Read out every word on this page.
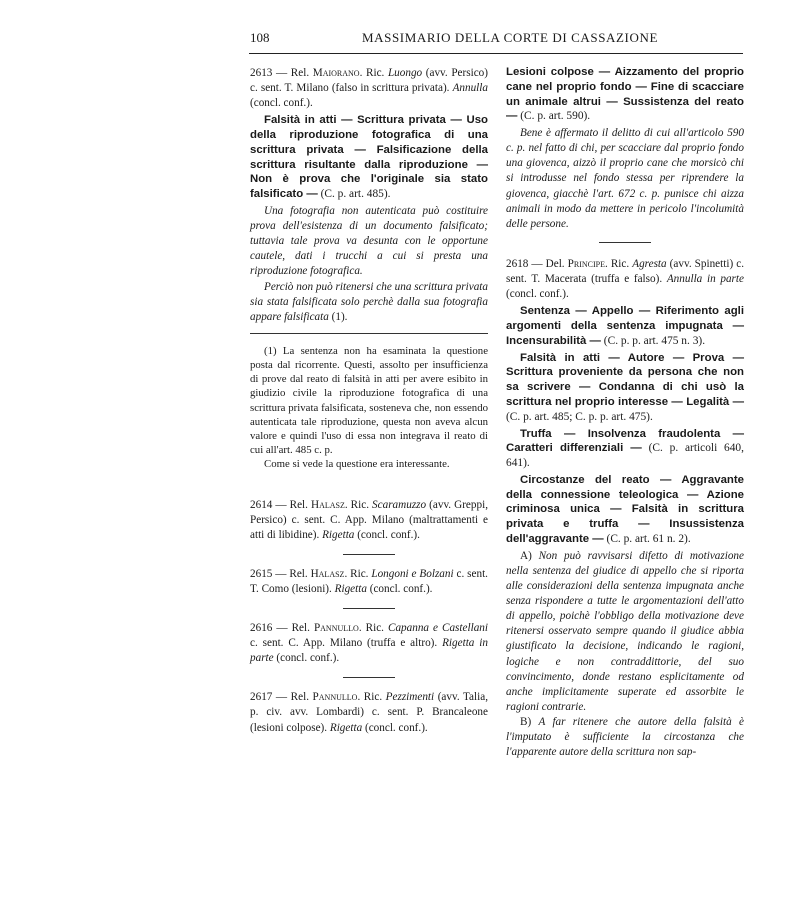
108	MASSIMARIO DELLA CORTE DI CASSAZIONE

2613 — Rel. Maiorano. Ric. Luongo (avv. Persico) c. sent. T. Milano (falso in scrittura privata). Annulla (concl. conf.).

Falsità in atti — Scrittura privata — Uso della riproduzione fotografica di una scrittura privata — Falsificazione della scrittura risultante dalla riproduzione — Non è prova che l'originale sia stato falsificato — (C. p. art. 485).

Una fotografia non autenticata può costituire prova dell'esistenza di un documento falsificato; tuttavia tale prova va desunta con le opportune cautele, dati i trucchi a cui si presta una riproduzione fotografica.

Perciò non può ritenersi che una scrittura privata sia stata falsificata solo perchè dalla sua fotografia appare falsificata (1).

(1) La sentenza non ha esaminata la questione posta dal ricorrente. Questi, assolto per insufficienza di prove dal reato di falsità in atti per avere esibito in giudizio civile la riproduzione fotografica di una scrittura privata falsificata, sosteneva che, non essendo autenticata tale riproduzione, questa non aveva alcun valore e quindi l'uso di essa non integrava il reato di cui all'art. 485 c. p.

Come si vede la questione era interessante.

2614 — Rel. Halasz. Ric. Scaramuzzo (avv. Greppi, Persico) c. sent. C. App. Milano (maltrattamenti e atti di libidine). Rigetta (concl. conf.).

2615 — Rel. Halasz. Ric. Longoni e Bolzani c. sent. T. Como (lesioni). Rigetta (concl. conf.).

2616 — Rel. Pannullo. Ric. Capanna e Castellani c. sent. C. App. Milano (truffa e altro). Rigetta in parte (concl. conf.).

2617 — Rel. Pannullo. Ric. Pezzimenti (avv. Talia, p. civ. avv. Lombardi) c. sent. P. Brancaleone (lesioni colpose). Rigetta (concl. conf.).

Lesioni colpose — Aizzamento del proprio cane nel proprio fondo — Fine di scacciare un animale altrui — Sussistenza del reato — (C. p. art. 590).

Bene è affermato il delitto di cui all'articolo 590 c. p. nel fatto di chi, per scacciare dal proprio fondo una giovenca, aizzò il proprio cane che morsicò chi si introdusse nel fondo stessa per riprendere la giovenca, giacchè l'art. 672 c. p. punisce chi aizza animali in modo da mettere in pericolo l'incolumità delle persone.

2618 — Del. Principe. Ric. Agresta (avv. Spinetti) c. sent. T. Macerata (truffa e falso). Annulla in parte (concl. conf.).

Sentenza — Appello — Riferimento agli argomenti della sentenza impugnata — Incensurabilità — (C. p. p. art. 475 n. 3).

Falsità in atti — Autore — Prova — Scrittura proveniente da persona che non sa scrivere — Condanna di chi usò la scrittura nel proprio interesse — Legalità — (C. p. art. 485; C. p. p. art. 475).

Truffa — Insolvenza fraudolenta — Caratteri differenziali — (C. p. articoli 640, 641).

Circostanze del reato — Aggravante della connessione teleologica — Azione criminosa unica — Falsità in scrittura privata e truffa — Insussistenza dell'aggravante — (C. p. art. 61 n. 2).

A) Non può ravvisarsi difetto di motivazione nella sentenza del giudice di appello che si riporta alle considerazioni della sentenza impugnata anche senza rispondere a tutte le argomentazioni dell'atto di appello, poichè l'obbligo della motivazione deve ritenersi osservato sempre quando il giudice abbia giustificato la decisione, indicando le ragioni, logiche e non contraddittorie, del suo convincimento, donde restano esplicitamente od anche implicitamente superate ed assorbite le ragioni contrarie.

B) A far ritenere che autore della falsità è l'imputato è sufficiente la circostanza che l'apparente autore della scrittura non sap-
